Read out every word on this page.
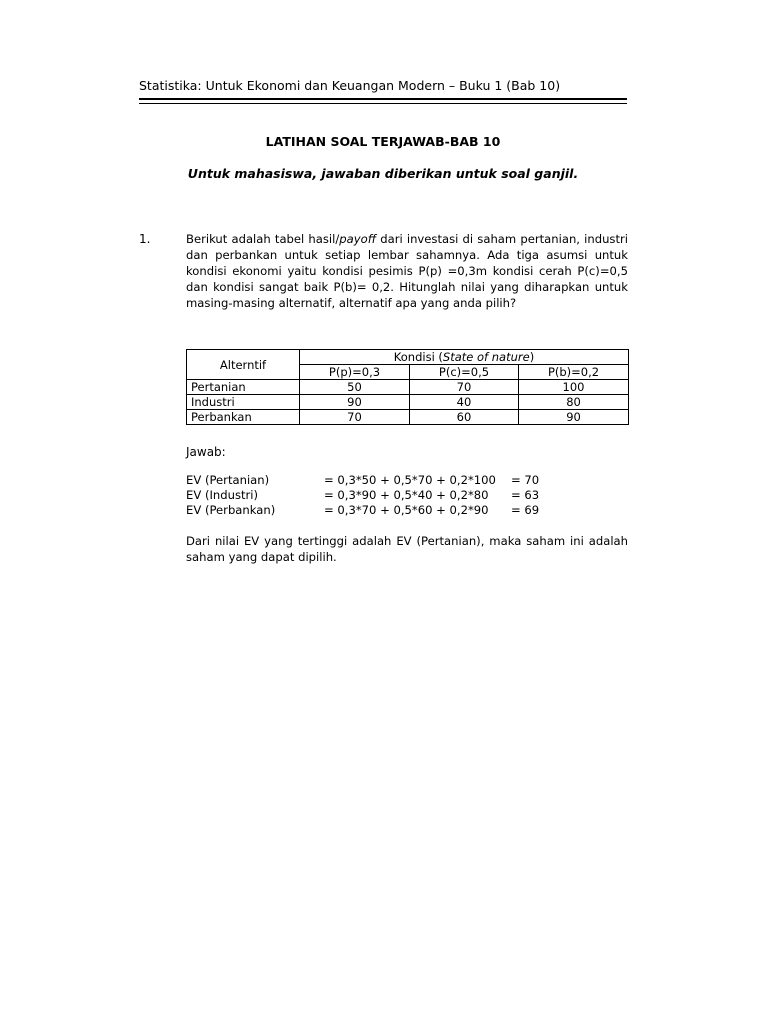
Statistika: Untuk Ekonomi dan Keuangan Modern – Buku 1 (Bab 10)
LATIHAN SOAL TERJAWAB-BAB 10
Untuk mahasiswa, jawaban diberikan untuk soal ganjil.
1.	Berikut adalah tabel hasil/payoff dari investasi di saham pertanian, industri dan perbankan untuk setiap lembar sahamnya. Ada tiga asumsi untuk kondisi ekonomi yaitu kondisi pesimis P(p) =0,3m kondisi cerah P(c)=0,5 dan kondisi sangat baik P(b)= 0,2. Hitunglah nilai yang diharapkan untuk masing-masing alternatif, alternatif apa yang anda pilih?
Alterntif	Kondisi (State of nature)		
	P(p)=0,3	P(c)=0,5	P(b)=0,2
Pertanian	50	70	100
Industri	90	40	80
Perbankan	70	60	90
Jawab:
EV (Pertanian)	= 0,3*50 + 0,5*70 + 0,2*100 = 70
EV (Industri)	= 0,3*90 + 0,5*40 + 0,2*80 = 63
EV (Perbankan)	= 0,3*70 + 0,5*60 + 0,2*90 = 69
Dari nilai EV yang tertinggi adalah EV (Pertanian), maka saham ini adalah saham yang dapat dipilih.
